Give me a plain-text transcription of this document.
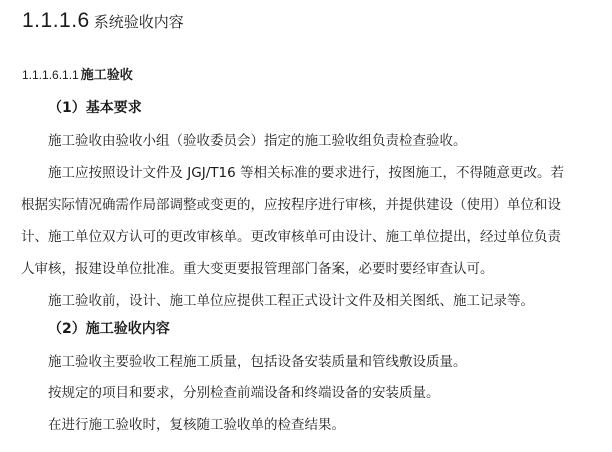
1.1.1.6 系统验收内容
1.1.1.6.1.1 施工验收
（1）基本要求
施工验收由验收小组（验收委员会）指定的施工验收组负责检查验收。
施工应按照设计文件及 JGJ/T16 等相关标准的要求进行，按图施工，不得随意更改。若
根据实际情况确需作局部调整或变更的，应按程序进行审核，并提供建设（使用）单位和设
计、施工单位双方认可的更改审核单。更改审核单可由设计、施工单位提出，经过单位负责
人审核，报建设单位批准。重大变更要报管理部门备案，必要时要经审查认可。
施工验收前，设计、施工单位应提供工程正式设计文件及相关图纸、施工记录等。
（2）施工验收内容
施工验收主要验收工程施工质量，包括设备安装质量和管线敷设质量。
按规定的项目和要求，分别检查前端设备和终端设备的安装质量。
在进行施工验收时，复核随工验收单的检查结果。
